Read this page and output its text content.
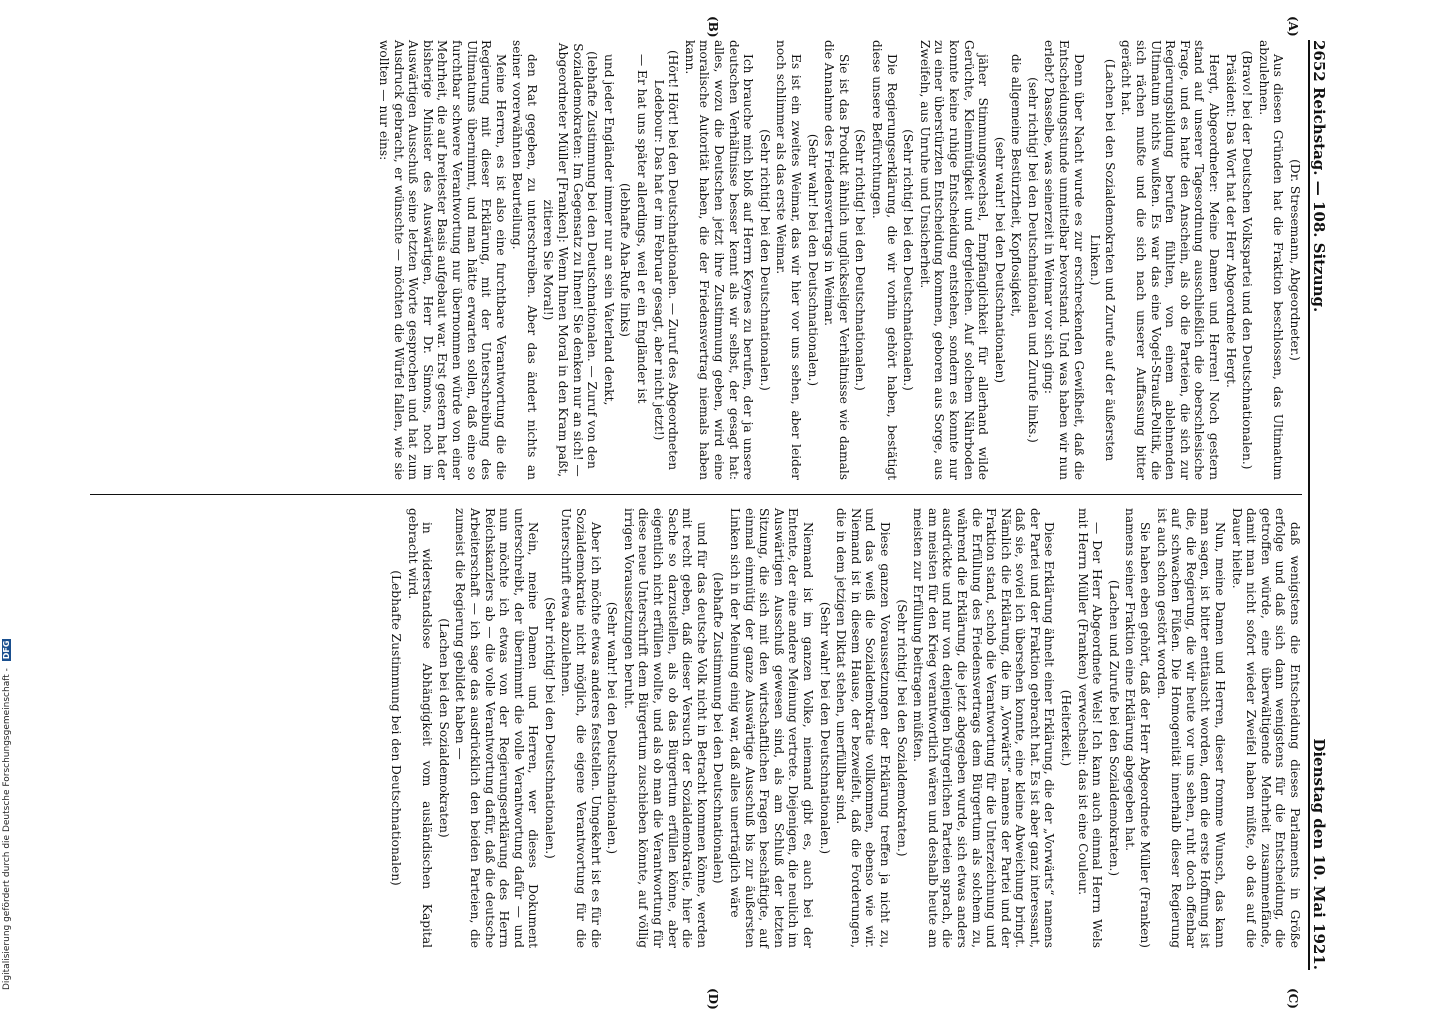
2652 Reichstag. — 108. Sitzung.
Dienstag den 10. Mai 1921.
(A)
(B)
(C)
(D)

(Dr. Stresemann, Abgeordneter.)

Aus diesen Gründen hat die Fraktion beschlossen, das Ultimatum abzulehnen.

(Bravo! bei der Deutschen Volkspartei und den Deutschnationalen.)

Präsident: Das Wort hat der Herr Abgeordnete Hergt.

Hergt, Abgeordneter: Meine Damen und Herren! Noch gestern stand auf unserer Tagesordnung ausschließlich die oberschlesische Frage, und es hatte den Anschein, als ob die Parteien, die sich zur Regierungsbildung berufen fühlten, von einem ablehnenden Ultimatum nichts wußten. Es war das eine Vogel-Strauß-Politik, die sich rächen mußte und die sich nach unserer Auffassung bitter gerächt hat.

(Lachen bei den Sozialdemokraten und Zurufe auf der äußersten Linken.)

Denn über Nacht wurde es zur erschreckenden Gewißheit, daß die Entscheidungsstunde unmittelbar bevorstand. Und was haben wir nun erlebt? Dasselbe, was seinerzeit in Weimar vor sich ging:

(sehr richtig! bei den Deutschnationalen und Zurufe links.)

die allgemeine Bestürztheit, Kopflosigkeit,

(sehr wahr! bei den Deutschnationalen)

jäher Stimmungswechsel, Empfänglichkeit für allerhand wilde Gerüchte, Kleinmütigkeit und dergleichen. Auf solchem Nährboden konnte keine ruhige Entscheidung entstehen, sondern es konnte nur zu einer überstürzten Entscheidung kommen, geboren aus Sorge, aus Zweifeln, aus Unruhe und Unsicherheit.

(Sehr richtig! bei den Deutschnationalen.)

Die Regierungserklärung, die wir vorhin gehört haben, bestätigt diese unsere Befürchtungen.

(Sehr richtig! bei den Deutschnationalen.)

Sie ist das Produkt ähnlich unglückseliger Verhältnisse wie damals die Annahme des Friedensvertrags in Weimar.

(Sehr wahr! bei den Deutschnationalen.)

Es ist ein zweites Weimar, das wir hier vor uns sehen, aber leider noch schlimmer als das erste Weimar.

(Sehr richtig! bei den Deutschnationalen.)

Ich brauche mich bloß auf Herrn Keynes zu berufen, der ja unsere deutschen Verhältnisse besser kennt als wir selbst, der gesagt hat: alles, wozu die Deutschen jetzt ihre Zustimmung geben, wird eine moralische Autorität haben, die der Friedensvertrag niemals haben kann.

(Hört! Hört! bei den Deutschnationalen. — Zuruf des Abgeordneten Ledebour: Das hat er im Februar gesagt, aber nicht jetzt!)

— Er hat uns später allerdings, weil er ein Engländer ist

(lebhafte Aha-Rufe links)

und jeder Engländer immer nur an sein Vaterland denkt,

(lebhafte Zustimmung bei den Deutschnationalen. — Zuruf von den Sozialdemokraten: Im Gegensatz zu Ihnen! Sie denken nur an sich! — Abgeordneter Müller [Franken]: Wenn Ihnen Moral in den Kram paßt, zitieren Sie Moral!)

den Rat gegeben, zu unterschreiben. Aber das ändert nichts an seiner vorerwähnten Beurteilung.

Meine Herren, es ist also eine furchtbare Verantwortung die die Regierung mit dieser Erklärung, mit der Unterschreibung des Ultimatums übernimmt, und man hätte erwarten sollen, daß eine so furchtbar schwere Verantwortung nur übernommen würde von einer Mehrheit, die auf breitester Basis aufgebaut war. Erst gestern hat der bisherige Minister des Auswärtigen, Herr Dr. Simons, noch im Auswärtigen Ausschuß seine letzten Worte gesprochen und hat zum Ausdruck gebracht, er wünschte — möchten die Würfel fallen, wie sie wollten — nur eins:

daß wenigstens die Entscheidung dieses Parlaments in Größe erfolge und daß sich dann wenigstens für die Entscheidung, die getroffen würde, eine überwältigende Mehrheit zusammenfände, damit man nicht sofort wieder Zweifel haben müßte, ob das auf die Dauer hielte.

Nun, meine Damen und Herren, dieser fromme Wunsch, das kann man sagen, ist bitter enttäuscht worden, denn die erste Hoffnung ist die, die Regierung, die wir heute vor uns sehen, ruht doch offenbar auf schwachen Füßen. Die Homogenität innerhalb dieser Regierung ist auch schon gestört worden.

Sie haben eben gehört, daß der Herr Abgeordnete Müller (Franken) namens seiner Fraktion eine Erklärung abgegeben hat.

(Lachen und Zurufe bei den Sozialdemokraten.)

— Der Herr Abgeordnete Wels! Ich kann auch einmal Herrn Wels mit Herrn Müller (Franken) verwechseln: das ist eine Couleur.

(Heiterkeit.)

Diese Erklärung ähnelt einer Erklärung, die der „Vorwärts“ namens der Partei und der Fraktion gebracht hat. Es ist aber ganz interessant, daß sie, soviel ich übersehen konnte, eine kleine Abweichung bringt. Nämlich die Erklärung, die im „Vorwärts“ namens der Partei und der Fraktion stand, schob die Verantwortung für die Unterzeichnung und die Erfüllung des Friedensvertrags dem Bürgertum als solchem zu, während die Erklärung, die jetzt abgegeben wurde, sich etwas anders ausdrückte und nur von denjenigen bürgerlichen Parteien sprach, die am meisten für den Krieg verantwortlich wären und deshalb heute am meisten zur Erfüllung beitragen müßten.

(Sehr richtig! bei den Sozialdemokraten.)

Diese ganzen Voraussetzungen der Erklärung treffen ja nicht zu, und das weiß die Sozialdemokratie vollkommen, ebenso wie wir. Niemand ist in diesem Hause, der bezweifelt, daß die Forderungen, die in dem jetzigen Diktat stehen, unerfüllbar sind.

(Sehr wahr! bei den Deutschnationalen.)

Niemand ist im ganzen Volke, niemand gibt es, auch bei der Entente, der eine andere Meinung vertrete. Diejenigen, die neulich im Auswärtigen Ausschuß gewesen sind, als am Schluß der letzten Sitzung, die sich mit den wirtschaftlichen Fragen beschäftigte, auf einmal einmütig der ganze Auswärtige Ausschuß bis zur äußersten Linken sich in der Meinung einig war, daß alles unerträglich wäre

(lebhafte Zustimmung bei den Deutschnationalen)

und für das deutsche Volk nicht in Betracht kommen könne, werden mit recht geben, daß dieser Versuch der Sozialdemokratie, hier die Sache so darzustellen, als ob das Bürgertum erfüllen könne, aber eigentlich nicht erfüllen wollte, und als ob man die Verantwortung für diese neue Unterschrift dem Bürgertum zuschieben könnte, auf völlig irrigen Voraussetzungen beruht.

(Sehr wahr! bei den Deutschnationalen.)

Aber ich möchte etwas anderes feststellen. Umgekehrt ist es für die Sozialdemokratie nicht möglich, die eigene Verantwortung für die Unterschrift etwa abzulehnen.

(Sehr richtig! bei den Deutschnationalen.)

Nein, meine Damen und Herren, wer dieses Dokument unterschreibt, der übernimmt die volle Verantwortung dafür — und nun möchte ich etwas von der Regierungserklärung des Herrn Reichskanzlers ab — die volle Verantwortung dafür, daß die deutsche Arbeiterschaft — ich sage das ausdrücklich den beiden Parteien, die zumeist die Regierung gebildet haben —

(Lachen bei den Sozialdemokraten)

in widerstandslose Abhängigkeit vom ausländischen Kapital gebracht wird.

(Lebhafte Zustimmung bei den Deutschnationalen)

Digitalisierung gefördert durch die Deutsche Forschungsgemeinschaft - DFG
